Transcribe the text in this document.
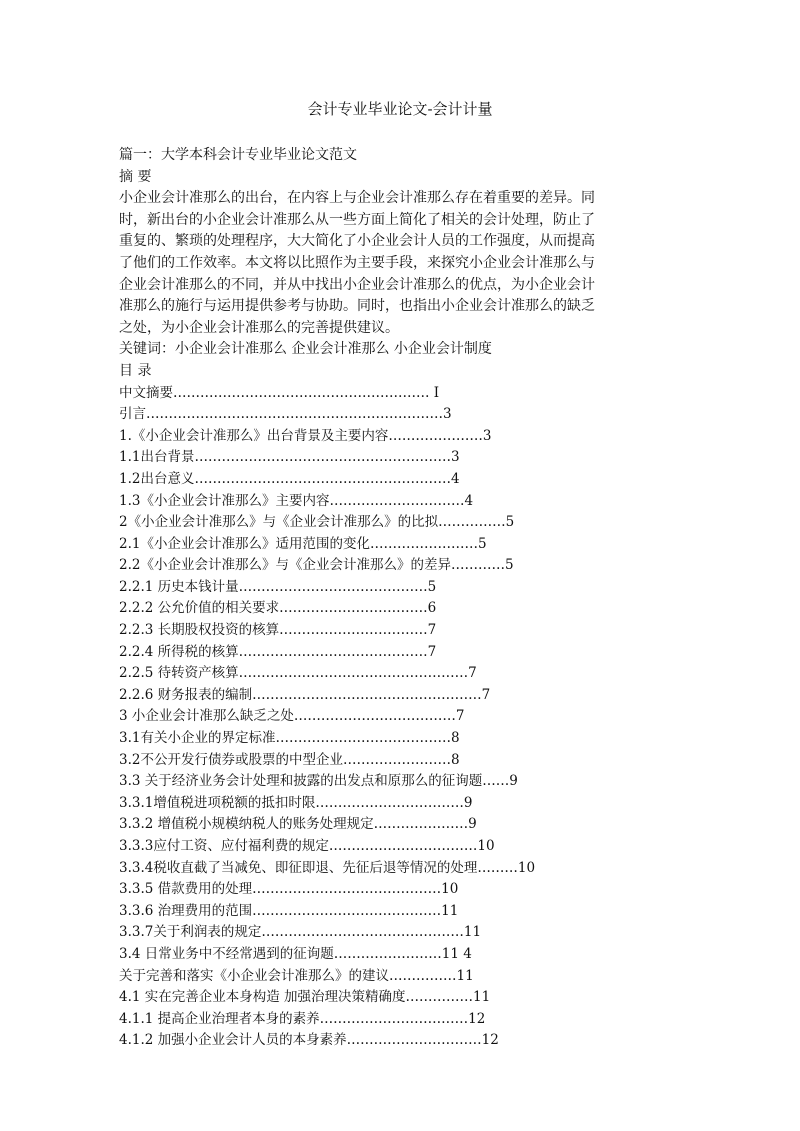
会计专业毕业论文-会计计量
篇一：大学本科会计专业毕业论文范文
摘 要
小企业会计准那么的出台，在内容上与企业会计准那么存在着重要的差异。同
时，新出台的小企业会计准那么从一些方面上简化了相关的会计处理，防止了
重复的、繁琐的处理程序，大大简化了小企业会计人员的工作强度，从而提高
了他们的工作效率。本文将以比照作为主要手段，来探究小企业会计准那么与
企业会计准那么的不同，并从中找出小企业会计准那么的优点，为小企业会计
准那么的施行与运用提供参考与协助。同时，也指出小企业会计准那么的缺乏
之处，为小企业会计准那么的完善提供建议。
关键词：小企业会计准那么 企业会计准那么 小企业会计制度
目 录
中文摘要………………………………………………… I
引言…………………………………………………………3
1.《小企业会计准那么》出台背景及主要内容…………………3
1.1出台背景…………………………………………………3
1.2出台意义…………………………………………………4
1.3《小企业会计准那么》主要内容…………………………4
2《小企业会计准那么》与《企业会计准那么》的比拟……………5
2.1《小企业会计准那么》适用范围的变化……………………5
2.2《小企业会计准那么》与《企业会计准那么》的差异…………5
2.2.1 历史本钱计量……………………………………5
2.2.2 公允价值的相关要求……………………………6
2.2.3 长期股权投资的核算……………………………7
2.2.4 所得税的核算……………………………………7
2.2.5 待转资产核算……………………………………………7
2.2.6 财务报表的编制……………………………………………7
3 小企业会计准那么缺乏之处………………………………7
3.1有关小企业的界定标准…………………………………8
3.2不公开发行债券或股票的中型企业……………………8
3.3 关于经济业务会计处理和披露的出发点和原那么的征询题……9
3.3.1增值税进项税额的抵扣时限……………………………9
3.3.2 增值税小规模纳税人的账务处理规定…………………9
3.3.3应付工资、应付福利费的规定……………………………10
3.3.4税收直截了当减免、即征即退、先征后退等情况的处理………10
3.3.5 借款费用的处理……………………………………10
3.3.6 治理费用的范围……………………………………11
3.3.7关于利润表的规定………………………………………11
3.4 日常业务中不经常遇到的征询题……………………11 4
关于完善和落实《小企业会计准那么》的建议……………11
4.1 实在完善企业本身构造 加强治理决策精确度……………11
4.1.1 提高企业治理者本身的素养……………………………12
4.1.2 加强小企业会计人员的本身素养…………………………12
